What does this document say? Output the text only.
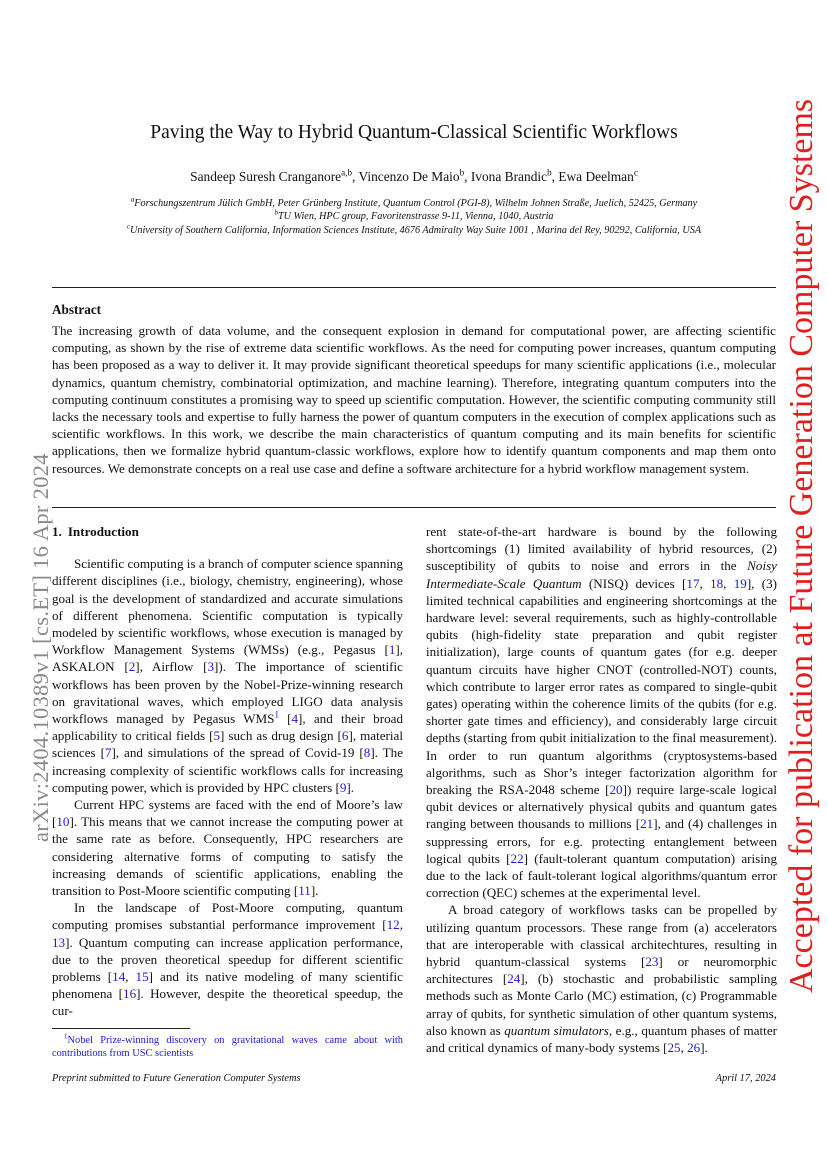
Paving the Way to Hybrid Quantum-Classical Scientific Workflows
Sandeep Suresh Cranganore$^{a,b}$, Vincenzo De Maio$^b$, Ivona Brandic$^b$, Ewa Deelman$^c$
$^a$Forschungszentrum Jülich GmbH, Peter Grünberg Institute, Quantum Control (PGI-8), Wilhelm Johnen Straße, Juelich, 52425, Germany
$^b$TU Wien, HPC group, Favoritenstrasse 9-11, Vienna, 1040, Austria
$^c$University of Southern California, Information Sciences Institute, 4676 Admiralty Way Suite 1001 , Marina del Rey, 90292, California, USA
Abstract
The increasing growth of data volume, and the consequent explosion in demand for computational power, are affecting scientific computing, as shown by the rise of extreme data scientific workflows. As the need for computing power increases, quantum computing has been proposed as a way to deliver it. It may provide significant theoretical speedups for many scientific applications (i.e., molecular dynamics, quantum chemistry, combinatorial optimization, and machine learning). Therefore, integrating quantum computers into the computing continuum constitutes a promising way to speed up scientific computation. However, the scientific computing community still lacks the necessary tools and expertise to fully harness the power of quantum computers in the execution of complex applications such as scientific workflows. In this work, we describe the main characteristics of quantum computing and its main benefits for scientific applications, then we formalize hybrid quantum-classic workflows, explore how to identify quantum components and map them onto resources. We demonstrate concepts on a real use case and define a software architecture for a hybrid workflow management system.
1. Introduction

Scientific computing is a branch of computer science spanning different disciplines (i.e., biology, chemistry, engineering), whose goal is the development of standardized and accurate simulations of different phenomena. Scientific computation is typically modeled by scientific workflows, whose execution is managed by Workflow Management Systems (WMSs) (e.g., Pegasus [1], ASKALON [2], Airflow [3]). The importance of scientific workflows has been proven by the Nobel-Prize-winning research on gravitational waves, which employed LIGO data analysis workflows managed by Pegasus WMS$^1$ [4], and their broad applicability to critical fields [5] such as drug design [6], material sciences [7], and simulations of the spread of Covid-19 [8]. The increasing complexity of scientific workflows calls for increasing computing power, which is provided by HPC clusters [9].

Current HPC systems are faced with the end of Moore’s law [10]. This means that we cannot increase the computing power at the same rate as before. Consequently, HPC researchers are considering alternative forms of computing to satisfy the increasing demands of scientific applications, enabling the transition to Post-Moore scientific computing [11].

In the landscape of Post-Moore computing, quantum computing promises substantial performance improvement [12, 13]. Quantum computing can increase application performance, due to the proven theoretical speedup for different scientific problems [14, 15] and its native modeling of many scientific phenomena [16]. However, despite the theoretical speedup, the cur-

rent state-of-the-art hardware is bound by the following shortcomings (1) limited availability of hybrid resources, (2) susceptibility of qubits to noise and errors in the Noisy Intermediate-Scale Quantum (NISQ) devices [17, 18, 19], (3) limited technical capabilities and engineering shortcomings at the hardware level: several requirements, such as highly-controllable qubits (high-fidelity state preparation and qubit register initialization), large counts of quantum gates (for e.g. deeper quantum circuits have higher CNOT (controlled-NOT) counts, which contribute to larger error rates as compared to single-qubit gates) operating within the coherence limits of the qubits (for e.g. shorter gate times and efficiency), and considerably large circuit depths (starting from qubit initialization to the final measurement). In order to run quantum algorithms (cryptosystems-based algorithms, such as Shor’s integer factorization algorithm for breaking the RSA-2048 scheme [20]) require large-scale logical qubit devices or alternatively physical qubits and quantum gates ranging between thousands to millions [21], and (4) challenges in suppressing errors, for e.g. protecting entanglement between logical qubits [22] (fault-tolerant quantum computation) arising due to the lack of fault-tolerant logical algorithms/quantum error correction (QEC) schemes at the experimental level.

A broad category of workflows tasks can be propelled by utilizing quantum processors. These range from (a) accelerators that are interoperable with classical architechtures, resulting in hybrid quantum-classical systems [23] or neuromorphic architectures [24], (b) stochastic and probabilistic sampling methods such as Monte Carlo (MC) estimation, (c) Programmable array of qubits, for synthetic simulation of other quantum systems, also known as quantum simulators, e.g., quantum phases of matter and critical dynamics of many-body systems [25, 26].

$^1$Nobel Prize-winning discovery on gravitational waves came about with contributions from USC scientists
Preprint submitted to Future Generation Computer Systems	April 17, 2024
arXiv:2404.10389v1 [cs.ET] 16 Apr 2024	Accepted for publication at Future Generation Computer Systems
